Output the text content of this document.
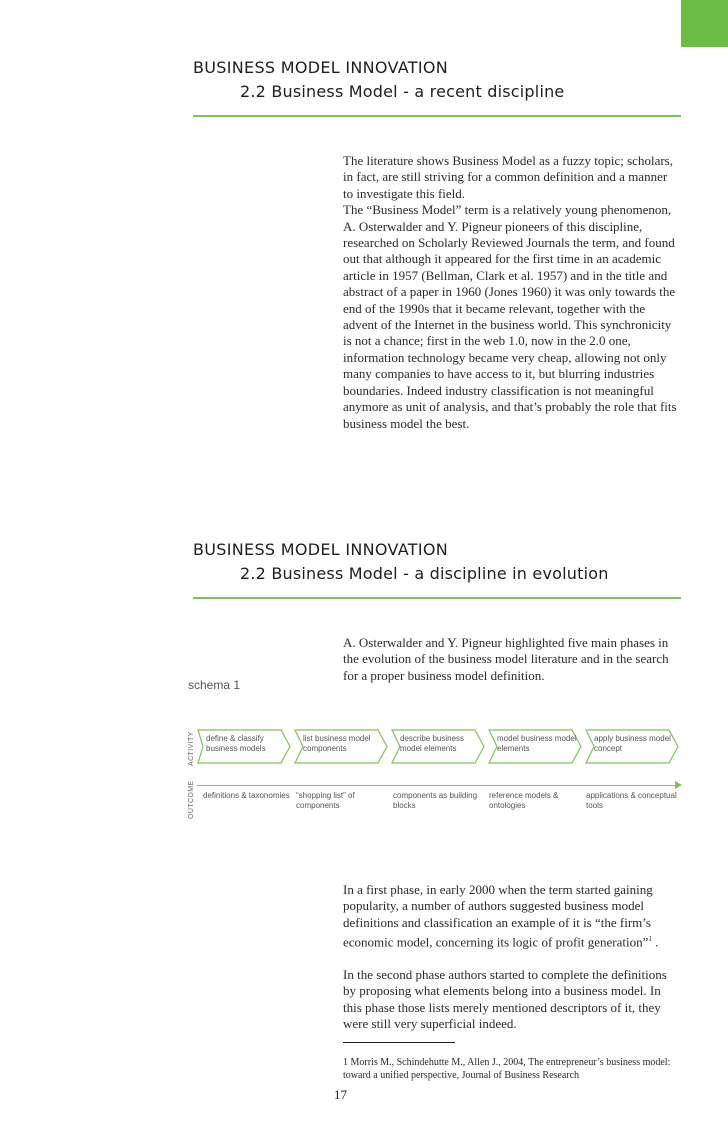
BUSINESS MODEL INNOVATION
2.2 Business Model - a recent discipline

The literature shows Business Model as a fuzzy topic; scholars, in fact, are still striving for a common definition and a manner to investigate this field.

The “Business Model” term is a relatively young phenomenon, A. Osterwalder and Y. Pigneur pioneers of this discipline, researched on Scholarly Reviewed Journals the term, and found out that although it appeared for the first time in an academic article in 1957 (Bellman, Clark et al. 1957) and in the title and abstract of a paper in 1960 (Jones 1960) it was only towards the end of the 1990s that it became relevant, together with the advent of the Internet in the business world. This synchronicity is not a chance; first in the web 1.0, now in the 2.0 one, information technology became very cheap, allowing not only many companies to have access to it, but blurring industries boundaries. Indeed industry classification is not meaningful anymore as unit of analysis, and that’s probably the role that fits business model the best.

BUSINESS MODEL INNOVATION
2.2 Business Model - a discipline in evolution

A. Osterwalder and Y. Pigneur highlighted five main phases in the evolution of the business model literature and in the search for a proper business model definition.

schema 1
ACTIVITY
OUTCOME
define & classify business models
list business model components
describe business model elements
model business model elements
apply business model concept
definitions & taxonomies “shopping list” of components
components as building blocks
reference models & ontologies
applications & conceptual tools

In a first phase, in early 2000 when the term started gaining popularity, a number of authors suggested business model definitions and classification an example of it is “the firm’s economic model, concerning its logic of profit generation”$^1$ .

In the second phase authors started to complete the definitions by proposing what elements belong into a business model. In this phase those lists merely mentioned descriptors of it, they were still very superficial indeed.

1 Morris M., Schindehutte M., Allen J., 2004, The entrepreneur’s business model: toward a unified perspective, Journal of Business Research
17
